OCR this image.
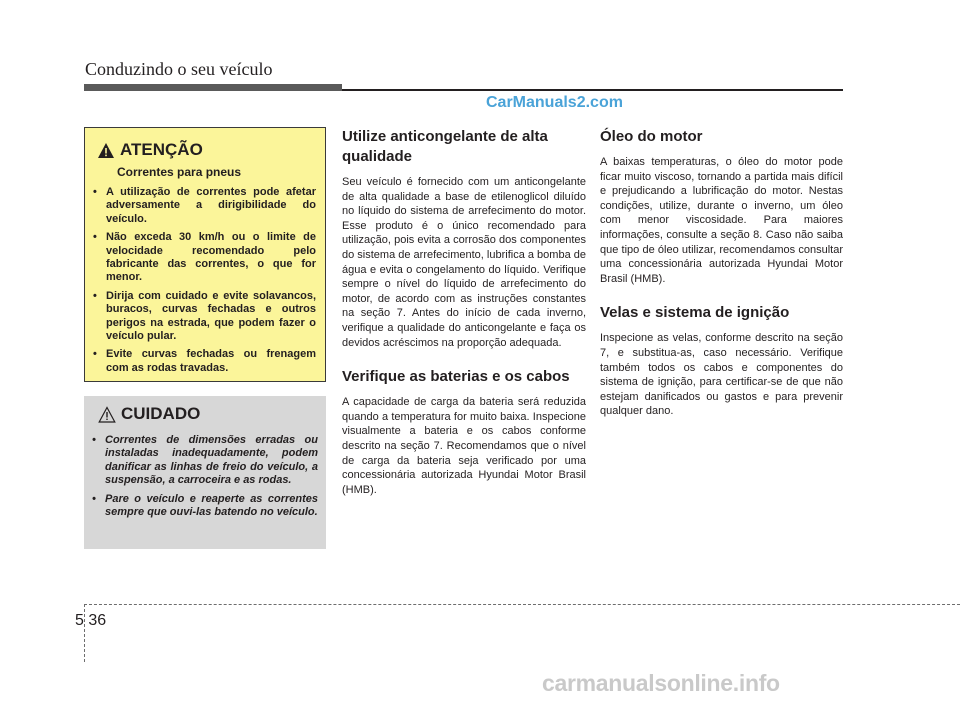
Conduzindo o seu veículo
CarManuals2.com
ATENÇÃO
Correntes para pneus
• A utilização de correntes pode afetar adversamente a dirigibilidade do veículo.
• Não exceda 30 km/h ou o limite de velocidade recomendado pelo fabricante das correntes, o que for menor.
• Dirija com cuidado e evite solavancos, buracos, curvas fechadas e outros perigos na estrada, que podem fazer o veículo pular.
• Evite curvas fechadas ou frenagem com as rodas travadas.
CUIDADO
• Correntes de dimensões erradas ou instaladas inadequadamente, podem danificar as linhas de freio do veículo, a suspensão, a carroceira e as rodas.
• Pare o veículo e reaperte as correntes sempre que ouvi-las batendo no veículo.
Utilize anticongelante de alta qualidade

Seu veículo é fornecido com um anticongelante de alta qualidade a base de etilenoglicol diluído no líquido do sistema de arrefecimento do motor. Esse produto é o único recomendado para utilização, pois evita a corrosão dos componentes do sistema de arrefecimento, lubrifica a bomba de água e evita o congelamento do líquido. Verifique sempre o nível do líquido de arrefecimento do motor, de acordo com as instruções constantes na seção 7. Antes do início de cada inverno, verifique a qualidade do anticongelante e faça os devidos acréscimos na proporção adequada.

Verifique as baterias e os cabos

A capacidade de carga da bateria será reduzida quando a temperatura for muito baixa. Inspecione visualmente a bateria e os cabos conforme descrito na seção 7. Recomendamos que o nível de carga da bateria seja verificado por uma concessionária autorizada Hyundai Motor Brasil (HMB).

Óleo do motor

A baixas temperaturas, o óleo do motor pode ficar muito viscoso, tornando a partida mais difícil e prejudicando a lubrificação do motor. Nestas condições, utilize, durante o inverno, um óleo com menor viscosidade. Para maiores informações, consulte a seção 8. Caso não saiba que tipo de óleo utilizar, recomendamos consultar uma concessionária autorizada Hyundai Motor Brasil (HMB).

Velas e sistema de ignição

Inspecione as velas, conforme descrito na seção 7, e substitua-as, caso necessário. Verifique também todos os cabos e componentes do sistema de ignição, para certificar-se de que não estejam danificados ou gastos e para prevenir qualquer dano.

5 36
carmanualsonline.info
